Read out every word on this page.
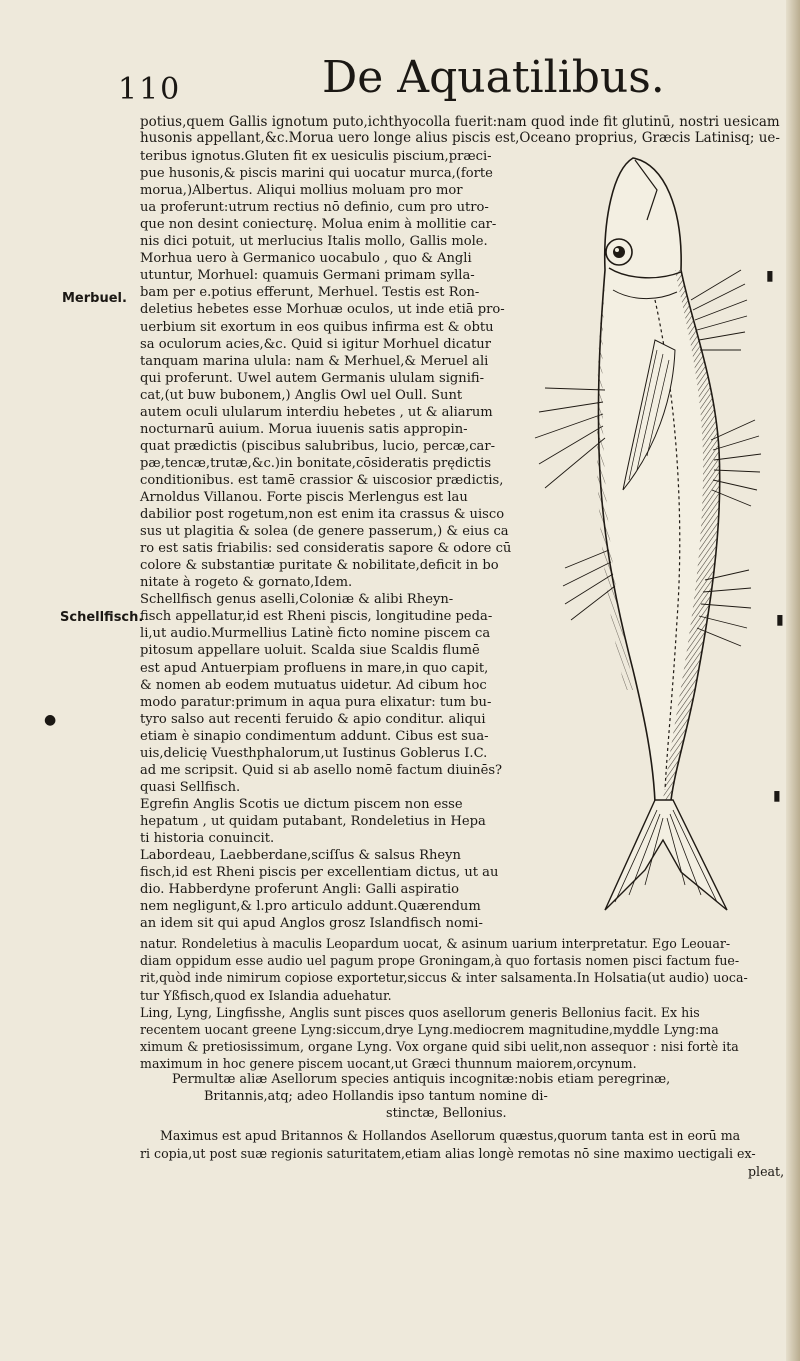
110	De Aquatilibus.
Merbuel.
Schellfisch.
potius,quem Gallis ignotum puto,ichthyocolla fuerit:nam quod inde fit glutinū, nostri uesicam
husonis appellant,&c.Morua uero longe alius piscis est,Oceano proprius, Græcis Latinisq; ue-
teribus ignotus.Gluten fit ex uesiculis piscium,præci-
pue husonis,& piscis marini qui uocatur murca,(forte
morua,)Albertus. Aliqui mollius moluam pro mor
ua proferunt:utrum rectius nō definio, cum pro utro-
que non desint coniecturę. Molua enim à mollitie car-
nis dici potuit, ut merlucius Italis mollo, Gallis mole.
Morhua uero à Germanico uocabulo , quo & Angli
utuntur, Morhuel: quamuis Germani primam sylla-
bam per e.potius efferunt, Merhuel. Testis est Ron-
deletius hebetes esse Morhuæ oculos, ut inde etiā pro-
uerbium sit exortum in eos quibus infirma est & obtu
sa oculorum acies,&c. Quid si igitur Morhuel dicatur
tanquam marina ulula: nam & Merhuel,& Meruel ali
qui proferunt. Uwel autem Germanis ululam signifi-
cat,(ut buw bubonem,) Anglis Owl uel Oull. Sunt
autem oculi ulularum interdiu hebetes , ut & aliarum
nocturnarū auium. Morua iuuenis satis appropin-
quat prædictis (piscibus salubribus, lucio, percæ,car-
pæ,tencæ,trutæ,&c.)in bonitate,cōsideratis prędictis
conditionibus. est tamē crassior & uiscosior prædictis,
Arnoldus Villanou. Forte piscis Merlengus est lau
dabilior post rogetum,non est enim ita crassus & uisco
sus ut plagitia & solea (de genere passerum,) & eius ca
ro est satis friabilis: sed consideratis sapore & odore cū
colore & substantiæ puritate & nobilitate,deficit in bo
nitate à rogeto & gornato,Idem.
Schellfisch genus aselli,Coloniæ & alibi Rheyn-
fisch appellatur,id est Rheni piscis, longitudine peda-
li,ut audio.Murmellius Latinè ficto nomine piscem ca
pitosum appellare uoluit. Scalda siue Scaldis flumē
est apud Antuerpiam profluens in mare,in quo capit,
& nomen ab eodem mutuatus uidetur. Ad cibum hoc
modo paratur:primum in aqua pura elixatur: tum bu-
tyro salso aut recenti feruido & apio conditur. aliqui
etiam è sinapio condimentum addunt. Cibus est sua-
uis,delicię Vuesthphalorum,ut Iustinus Goblerus I.C.
ad me scripsit. Quid si ab asello nomē factum diuinēs?
quasi Sellfisch.
Egrefin Anglis Scotis ue dictum piscem non esse
hepatum , ut quidam putabant, Rondeletius in Hepa
ti historia conuincit.
Labordeau, Laebberdane,sciſſus & salsus Rheyn
fisch,id est Rheni piscis per excellentiam dictus, ut au
dio. Habberdyne proferunt Angli: Galli aspiratio
nem negligunt,& l.pro articulo addunt.Quærendum
an idem sit qui apud Anglos grosz Islandfisch nomi-
natur. Rondeletius à maculis Leopardum uocat, & asinum uarium interpretatur. Ego Leouar-
diam oppidum esse audio uel pagum prope Groningam,à quo fortasis nomen pisci factum fue-
rit,quòd inde nimirum copiose exportetur,siccus & inter salsamenta.In Holsatia(ut audio) uoca-
tur Yßfisch,quod ex Islandia aduehatur.
Ling, Lyng, Lingfisshe, Anglis sunt pisces quos asellorum generis Bellonius facit. Ex his
recentem uocant greene Lyng:siccum,drye Lyng.mediocrem magnitudine,myddle Lyng:ma
ximum & pretiosissimum, organe Lyng. Vox organe quid sibi uelit,non assequor : nisi fortè ita
maximum in hoc genere piscem uocant,ut Græci thunnum maiorem,orcynum.
Permultæ aliæ Asellorum species antiquis incognitæ:nobis etiam peregrinæ,
Britannis,atq; adeo Hollandis ipso tantum nomine di-
stinctæ, Bellonius.
Maximus est apud Britannos & Hollandos Asellorum quæstus,quorum tanta est in eorū ma
ri copia,ut post suæ regionis saturitatem,etiam alias longè remotas nō sine maximo uectigali ex-
pleat,
▮
▮
▮
●
